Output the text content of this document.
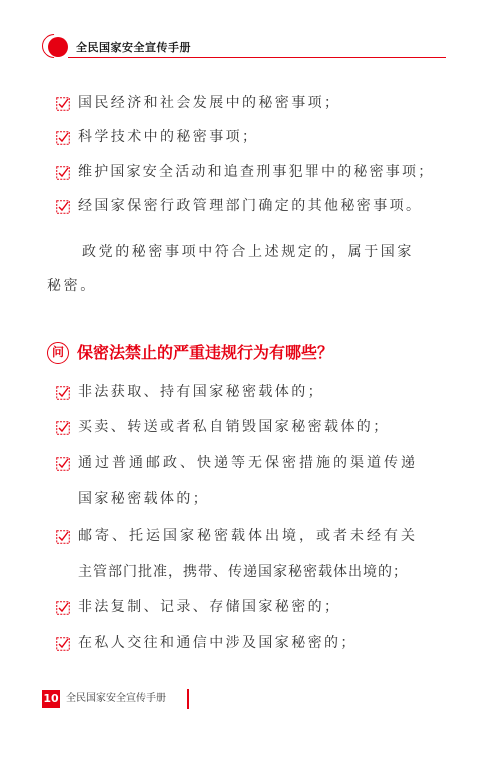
全民国家安全宣传手册
国民经济和社会发展中的秘密事项；
科学技术中的秘密事项；
维护国家安全活动和追查刑事犯罪中的秘密事项；
经国家保密行政管理部门确定的其他秘密事项。
政党的秘密事项中符合上述规定的，属于国家
秘密。
问 保密法禁止的严重违规行为有哪些？
非法获取、持有国家秘密载体的；
买卖、转送或者私自销毁国家秘密载体的；
通过普通邮政、快递等无保密措施的渠道传递
国家秘密载体的；
邮寄、托运国家秘密载体出境，或者未经有关
主管部门批准，携带、传递国家秘密载体出境的；
非法复制、记录、存储国家秘密的；
在私人交往和通信中涉及国家秘密的；
10 全民国家安全宣传手册
